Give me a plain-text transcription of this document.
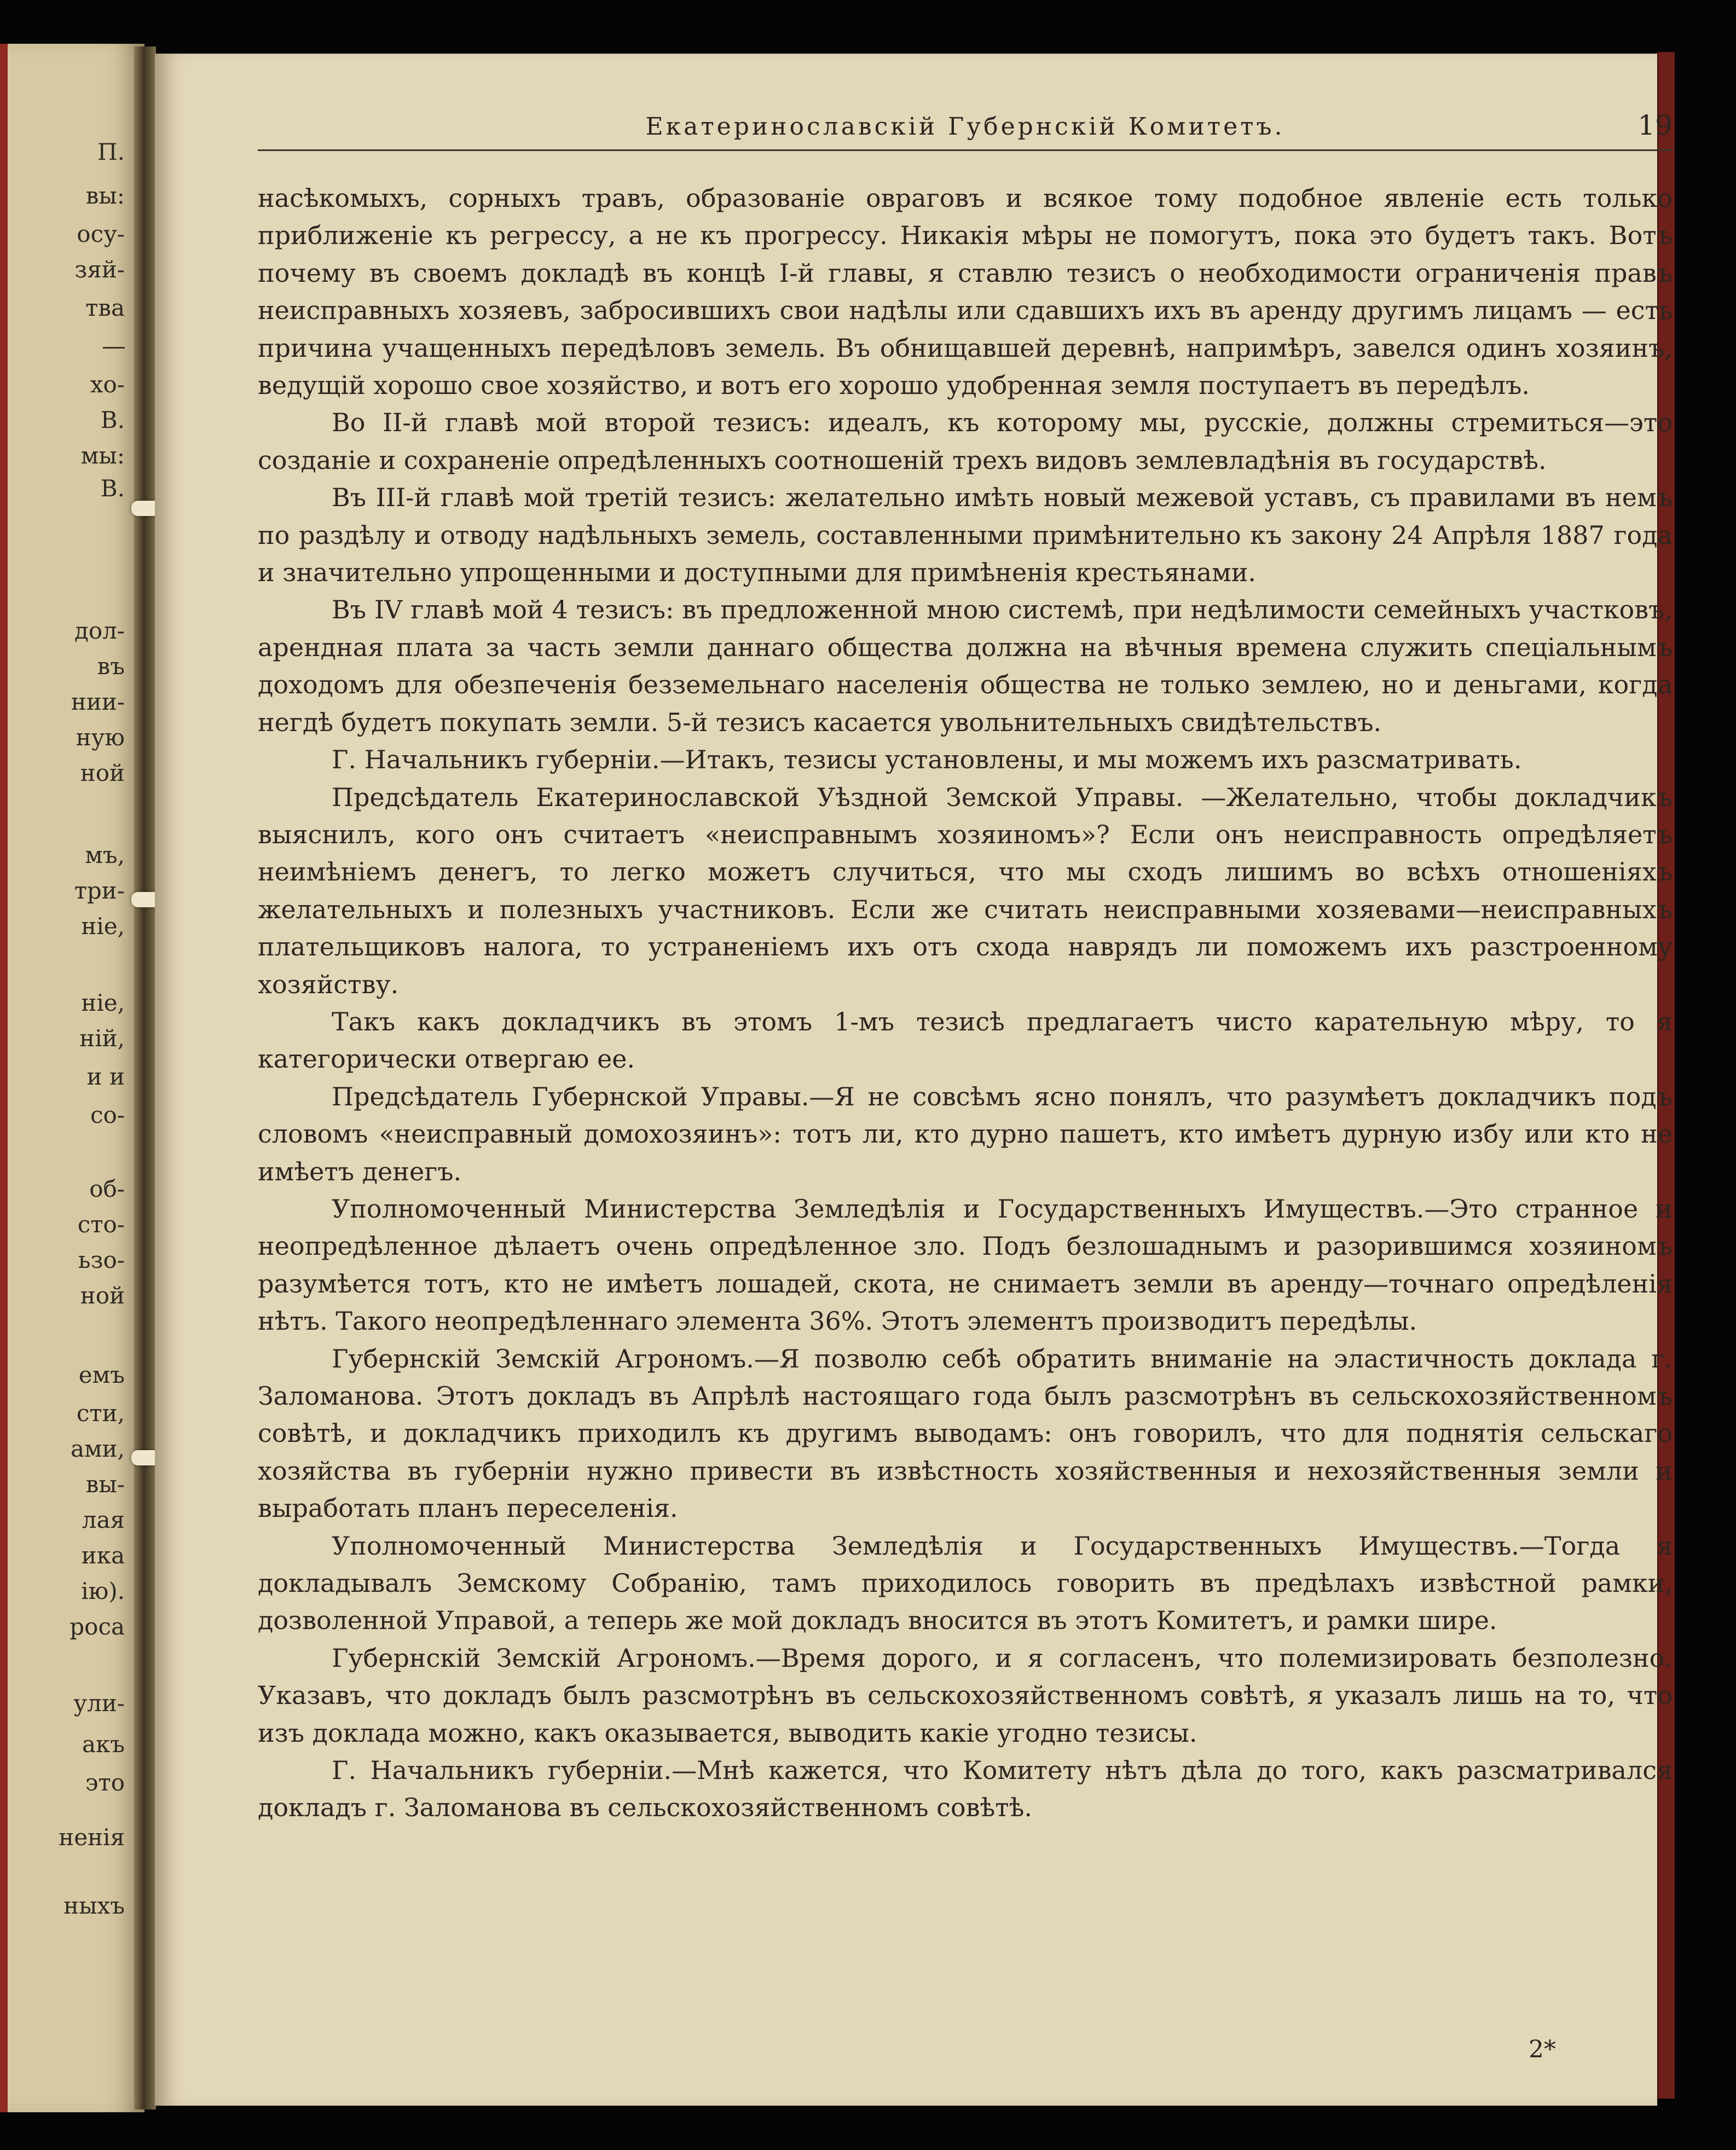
П.

вы:

осу-

зяй-

тва

хо-

В.

мы:

В.

дол-

въ

нии-

ную

ной

мъ,

три-

ніе,

ніе,

ній,

и и

со-

об-

сто-

ьзо-

ной

емъ

сти,

ами,

вы-

лая

ика

ію).

роса

ули-

акъ

это

ненія

ныхъ

Екатеринославскій Губернскій Комитетъ.	19

насѣкомыхъ, сорныхъ травъ, образованіе овраговъ и всякое тому подобное явленіе есть только приближеніе къ регрессу, а не къ прогрессу. Никакія мѣры не помогутъ, пока это будетъ такъ. Вотъ почему въ своемъ докладѣ въ концѣ I-й главы, я ставлю тезисъ о необходимости ограниченія правъ неисправныхъ хозяевъ, забросившихъ свои надѣлы или сдавшихъ ихъ въ аренду другимъ лицамъ — есть причина учащенныхъ передѣловъ земель. Въ обнищавшей деревнѣ, напримѣръ, завелся одинъ хозяинъ, ведущій хорошо свое хозяйство, и вотъ его хорошо удобренная земля поступаетъ въ передѣлъ.

Во II-й главѣ мой второй тезисъ: идеалъ, къ которому мы, русскіе, должны стремиться—это созданіе и сохраненіе опредѣленныхъ соотношеній трехъ видовъ землевладѣнія въ государствѣ.

Въ III-й главѣ мой третій тезисъ: желательно имѣть новый межевой уставъ, съ правилами въ немъ по раздѣлу и отводу надѣльныхъ земель, составленными примѣнительно къ закону 24 Апрѣля 1887 года и значительно упрощенными и доступными для примѣненія крестьянами.

Въ IV главѣ мой 4 тезисъ: въ предложенной мною системѣ, при недѣлимости семейныхъ участковъ, арендная плата за часть земли даннаго общества должна на вѣчныя времена служить спеціальнымъ доходомъ для обезпеченія безземельнаго населенія общества не только землею, но и деньгами, когда негдѣ будетъ покупать земли. 5-й тезисъ касается увольнительныхъ свидѣтельствъ.

Г. Начальникъ губерніи.—Итакъ, тезисы установлены, и мы можемъ ихъ разсматривать.

Предсѣдатель Екатеринославской Уѣздной Земской Управы. —Желательно, чтобы докладчикъ выяснилъ, кого онъ считаетъ «неисправнымъ хозяиномъ»? Если онъ неисправность опредѣляетъ неимѣніемъ денегъ, то легко можетъ случиться, что мы сходъ лишимъ во всѣхъ отношеніяхъ желательныхъ и полезныхъ участниковъ. Если же считать неисправными хозяевами—неисправныхъ плательщиковъ налога, то устраненіемъ ихъ отъ схода наврядъ ли поможемъ ихъ разстроенному хозяйству.

Такъ какъ докладчикъ въ этомъ 1-мъ тезисѣ предлагаетъ чисто карательную мѣру, то я категорически отвергаю ее.

Предсѣдатель Губернской Управы.—Я не совсѣмъ ясно понялъ, что разумѣетъ докладчикъ подъ словомъ «неисправный домохозяинъ»: тотъ ли, кто дурно пашетъ, кто имѣетъ дурную избу или кто не имѣетъ денегъ.

Уполномоченный Министерства Земледѣлія и Государственныхъ Имуществъ.—Это странное и неопредѣленное дѣлаетъ очень опредѣленное зло. Подъ безлошаднымъ и разорившимся хозяиномъ разумѣется тотъ, кто не имѣетъ лошадей, скота, не снимаетъ земли въ аренду—точнаго опредѣленія нѣтъ. Такого неопредѣленнаго элемента 36%. Этотъ элементъ производитъ передѣлы.

Губернскій Земскій Агрономъ.—Я позволю себѣ обратить вниманіе на эластичность доклада г. Заломанова. Этотъ докладъ въ Апрѣлѣ настоящаго года былъ разсмотрѣнъ въ сельскохозяйственномъ совѣтѣ, и докладчикъ приходилъ къ другимъ выводамъ: онъ говорилъ, что для поднятія сельскаго хозяйства въ губерніи нужно привести въ извѣстность хозяйственныя и нехозяйственныя земли и выработать планъ переселенія.

Уполномоченный Министерства Земледѣлія и Государственныхъ Имуществъ.—Тогда я докладывалъ Земскому Собранію, тамъ приходилось говорить въ предѣлахъ извѣстной рамки, дозволенной Управой, а теперь же мой докладъ вносится въ этотъ Комитетъ, и рамки шире.

Губернскій Земскій Агрономъ.—Время дорого, и я согласенъ, что полемизировать безполезно. Указавъ, что докладъ былъ разсмотрѣнъ въ сельскохозяйственномъ совѣтѣ, я указалъ лишь на то, что изъ доклада можно, какъ оказывается, выводить какіе угодно тезисы.

Г. Начальникъ губерніи.—Мнѣ кажется, что Комитету нѣтъ дѣла до того, какъ разсматривался докладъ г. Заломанова въ сельскохозяйственномъ совѣтѣ.

2*
